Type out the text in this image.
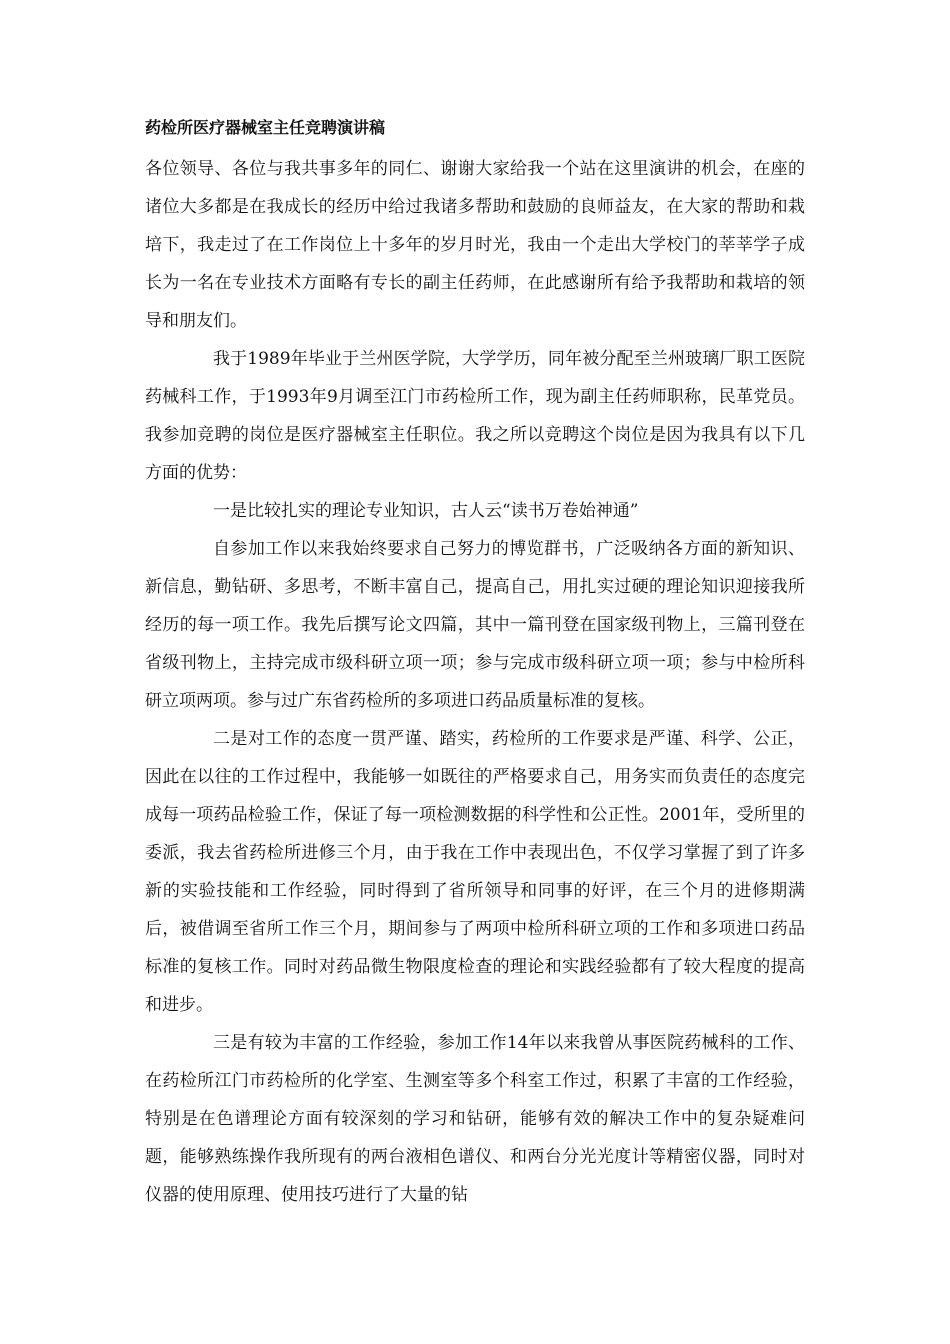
药检所医疗器械室主任竞聘演讲稿

各位领导、各位与我共事多年的同仁、谢谢大家给我一个站在这里演讲的机会，在座的诸位大多都是在我成长的经历中给过我诸多帮助和鼓励的良师益友，在大家的帮助和栽培下，我走过了在工作岗位上十多年的岁月时光，我由一个走出大学校门的莘莘学子成长为一名在专业技术方面略有专长的副主任药师，在此感谢所有给予我帮助和栽培的领导和朋友们。

我于1989年毕业于兰州医学院，大学学历，同年被分配至兰州玻璃厂职工医院药械科工作，于1993年9月调至江门市药检所工作，现为副主任药师职称，民革党员。我参加竞聘的岗位是医疗器械室主任职位。我之所以竞聘这个岗位是因为我具有以下几方面的优势：

一是比较扎实的理论专业知识，古人云“读书万卷始神通”

自参加工作以来我始终要求自己努力的博览群书，广泛吸纳各方面的新知识、新信息，勤钻研、多思考，不断丰富自己，提高自己，用扎实过硬的理论知识迎接我所经历的每一项工作。我先后撰写论文四篇，其中一篇刊登在国家级刊物上，三篇刊登在省级刊物上，主持完成市级科研立项一项；参与完成市级科研立项一项；参与中检所科研立项两项。参与过广东省药检所的多项进口药品质量标准的复核。

二是对工作的态度一贯严谨、踏实，药检所的工作要求是严谨、科学、公正，因此在以往的工作过程中，我能够一如既往的严格要求自己，用务实而负责任的态度完成每一项药品检验工作，保证了每一项检测数据的科学性和公正性。2001年，受所里的委派，我去省药检所进修三个月，由于我在工作中表现出色，不仅学习掌握了到了许多新的实验技能和工作经验，同时得到了省所领导和同事的好评，在三个月的进修期满后，被借调至省所工作三个月，期间参与了两项中检所科研立项的工作和多项进口药品标准的复核工作。同时对药品微生物限度检查的理论和实践经验都有了较大程度的提高和进步。

三是有较为丰富的工作经验，参加工作14年以来我曾从事医院药械科的工作、在药检所江门市药检所的化学室、生测室等多个科室工作过，积累了丰富的工作经验，特别是在色谱理论方面有较深刻的学习和钻研，能够有效的解决工作中的复杂疑难问题，能够熟练操作我所现有的两台液相色谱仪、和两台分光光度计等精密仪器，同时对仪器的使用原理、使用技巧进行了大量的钻
